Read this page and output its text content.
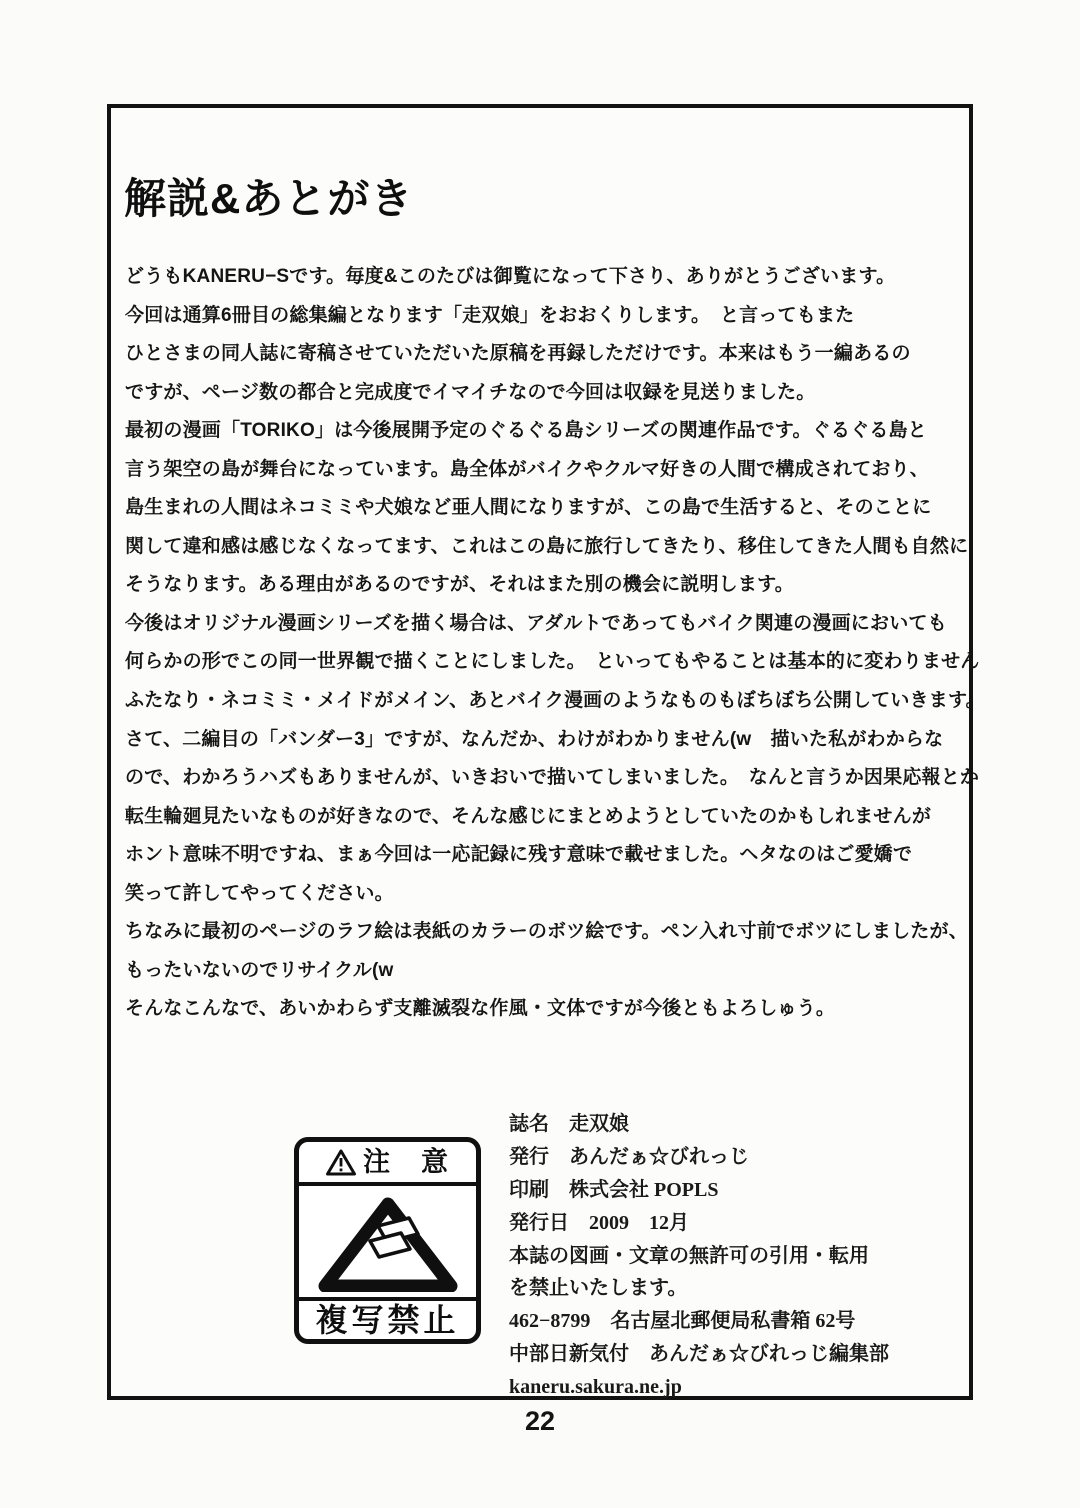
解説&あとがき
どうもKANERU−Sです。毎度&このたびは御覧になって下さり、ありがとうございます。
今回は通算6冊目の総集編となります「走双娘」をおおくりします。　と言ってもまた
ひとさまの同人誌に寄稿させていただいた原稿を再録しただけです。本来はもう一編あるの
ですが、ページ数の都合と完成度でイマイチなので今回は収録を見送りました。
最初の漫画「TORIKO」は今後展開予定のぐるぐる島シリーズの関連作品です。ぐるぐる島と
言う架空の島が舞台になっています。島全体がバイクやクルマ好きの人間で構成されており、
島生まれの人間はネコミミや犬娘など亜人間になりますが、この島で生活すると、そのことに
関して違和感は感じなくなってます、これはこの島に旅行してきたり、移住してきた人間も自然に
そうなります。ある理由があるのですが、それはまた別の機会に説明します。
今後はオリジナル漫画シリーズを描く場合は、アダルトであってもバイク関連の漫画においても
何らかの形でこの同一世界観で描くことにしました。　といってもやることは基本的に変わりません
ふたなり・ネコミミ・メイドがメイン、あとバイク漫画のようなものもぼちぼち公開していきます。
さて、二編目の「バンダー3」ですが、なんだか、わけがわかりません(w　描いた私がわからな
ので、わかろうハズもありませんが、いきおいで描いてしまいました。　なんと言うか因果応報とか
転生輪廻見たいなものが好きなので、そんな感じにまとめようとしていたのかもしれませんが
ホント意味不明ですね、まぁ今回は一応記録に残す意味で載せました。ヘタなのはご愛嬌で
笑って許してやってください。
ちなみに最初のページのラフ絵は表紙のカラーのボツ絵です。ペン入れ寸前でボツにしましたが、
もったいないのでリサイクル(w
そんなこんなで、あいかわらず支離滅裂な作風・文体ですが今後ともよろしゅう。
注　意
複写禁止
誌名　走双娘
発行　あんだぁ☆びれっじ
印刷　株式会社 POPLS
発行日　2009　12月
本誌の図画・文章の無許可の引用・転用
を禁止いたします。
462−8799　名古屋北郵便局私書箱 62号
中部日新気付　あんだぁ☆びれっじ編集部
kaneru.sakura.ne.jp
22
